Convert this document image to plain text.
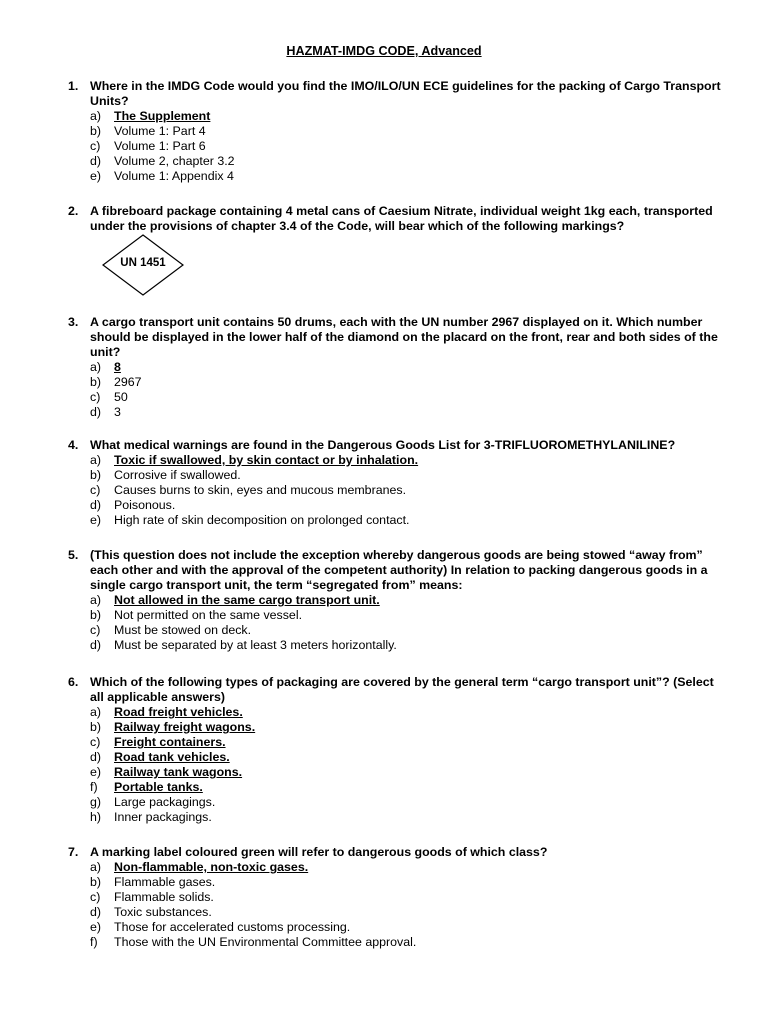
HAZMAT-IMDG CODE, Advanced
1. Where in the IMDG Code would you find the IMO/ILO/UN ECE guidelines for the packing of Cargo Transport Units?
a)	The Supplement
b)	Volume 1: Part 4
c)	Volume 1: Part 6
d)	Volume 2, chapter 3.2
e)	Volume 1: Appendix 4
2. A fibreboard package containing 4 metal cans of Caesium Nitrate, individual weight 1kg each, transported under the provisions of chapter 3.4 of the Code, will bear which of the following markings?
UN 1451
3. A cargo transport unit contains 50 drums, each with the UN number 2967 displayed on it. Which number should be displayed in the lower half of the diamond on the placard on the front, rear and both sides of the unit?
a)	8
b)	2967
c)	50
d)	3
4. What medical warnings are found in the Dangerous Goods List for 3-TRIFLUOROMETHYLANILINE?
a)	Toxic if swallowed, by skin contact or by inhalation.
b)	Corrosive if swallowed.
c)	Causes burns to skin, eyes and mucous membranes.
d)	Poisonous.
e)	High rate of skin decomposition on prolonged contact.
5. (This question does not include the exception whereby dangerous goods are being stowed “away from” each other and with the approval of the competent authority) In relation to packing dangerous goods in a single cargo transport unit, the term “segregated from” means:
a)	Not allowed in the same cargo transport unit.
b)	Not permitted on the same vessel.
c)	Must be stowed on deck.
d)	Must be separated by at least 3 meters horizontally.
6. Which of the following types of packaging are covered by the general term “cargo transport unit”? (Select all applicable answers)
a)	Road freight vehicles.
b)	Railway freight wagons.
c)	Freight containers.
d)	Road tank vehicles.
e)	Railway tank wagons.
f)	Portable tanks.
g)	Large packagings.
h)	Inner packagings.
7. A marking label coloured green will refer to dangerous goods of which class?
a)	Non-flammable, non-toxic gases.
b)	Flammable gases.
c)	Flammable solids.
d)	Toxic substances.
e)	Those for accelerated customs processing.
f)	Those with the UN Environmental Committee approval.
